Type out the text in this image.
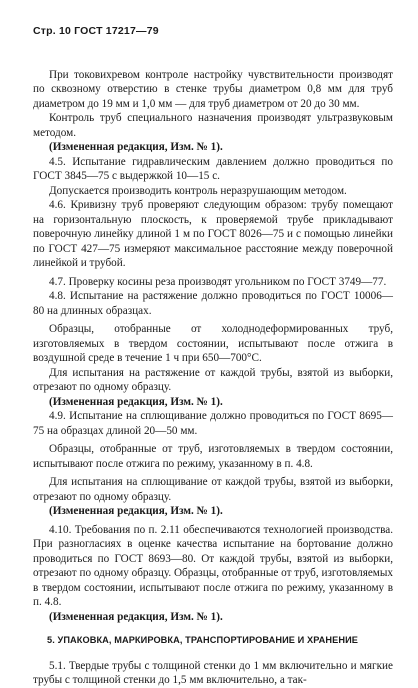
Стр. 10 ГОСТ 17217—79

При токовихревом контроле настройку чувствительности производят по сквозному отверстию в стенке трубы диаметром 0,8 мм для труб диаметром до 19 мм и 1,0 мм — для труб диаметром от 20 до 30 мм.

Контроль труб специального назначения производят ультразвуковым методом.

(Измененная редакция, Изм. № 1).

4.5. Испытание гидравлическим давлением должно проводиться по ГОСТ 3845—75 с выдержкой 10—15 с.

Допускается производить контроль неразрушающим методом.

4.6. Кривизну труб проверяют следующим образом: трубу помещают на горизонтальную плоскость, к проверяемой трубе прикладывают поверочную линейку длиной 1 м по ГОСТ 8026—75 и с помощью линейки по ГОСТ 427—75 измеряют максимальное расстояние между поверочной линейкой и трубой.

4.7. Проверку косины реза производят угольником по ГОСТ 3749—77.

4.8. Испытание на растяжение должно проводиться по ГОСТ 10006—80 на длинных образцах.

Образцы, отобранные от холоднодеформированных труб, изготовляемых в твердом состоянии, испытывают после отжига в воздушной среде в течение 1 ч при 650—700°С.

Для испытания на растяжение от каждой трубы, взятой из выборки, отрезают по одному образцу.

(Измененная редакция, Изм. № 1).

4.9. Испытание на сплющивание должно проводиться по ГОСТ 8695—75 на образцах длиной 20—50 мм.

Образцы, отобранные от труб, изготовляемых в твердом состоянии, испытывают после отжига по режиму, указанному в п. 4.8.

Для испытания на сплющивание от каждой трубы, взятой из выборки, отрезают по одному образцу.

(Измененная редакция, Изм. № 1).

4.10. Требования по п. 2.11 обеспечиваются технологией производства. При разногласиях в оценке качества испытание на бортование должно проводиться по ГОСТ 8693—80. От каждой трубы, взятой из выборки, отрезают по одному образцу. Образцы, отобранные от труб, изготовляемых в твердом состоянии, испытывают после отжига по режиму, указанному в п. 4.8.

(Измененная редакция, Изм. № 1).

5. УПАКОВКА, МАРКИРОВКА, ТРАНСПОРТИРОВАНИЕ И ХРАНЕНИЕ

5.1. Твердые трубы с толщиной стенки до 1 мм включительно и мягкие трубы с толщиной стенки до 1,5 мм включительно, а так-
